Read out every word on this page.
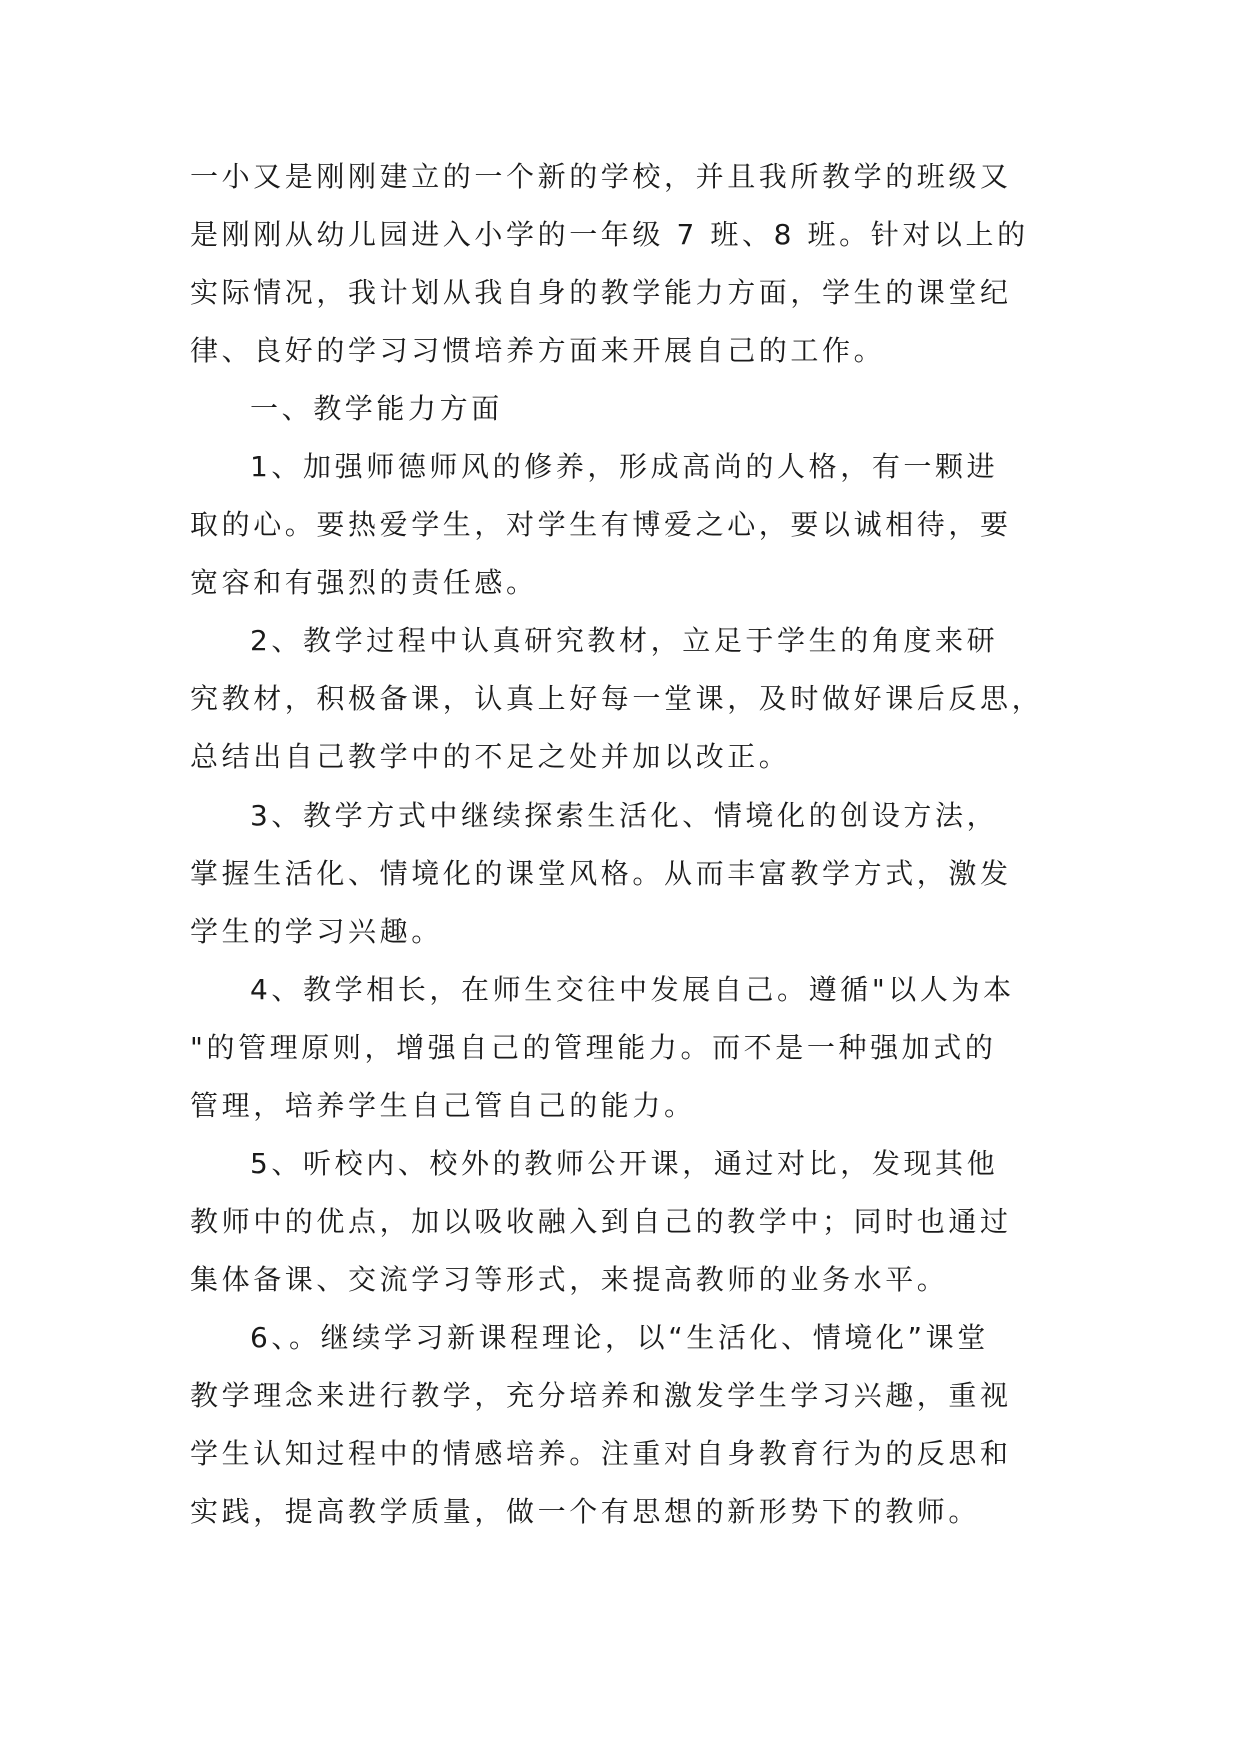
一小又是刚刚建立的一个新的学校，并且我所教学的班级又
是刚刚从幼儿园进入小学的一年级 7 班、8 班。针对以上的
实际情况，我计划从我自身的教学能力方面，学生的课堂纪
律、良好的学习习惯培养方面来开展自己的工作。
一、教学能力方面
1、加强师德师风的修养，形成高尚的人格，有一颗进
取的心。要热爱学生，对学生有博爱之心，要以诚相待，要
宽容和有强烈的责任感。
2、教学过程中认真研究教材，立足于学生的角度来研
究教材，积极备课，认真上好每一堂课，及时做好课后反思，
总结出自己教学中的不足之处并加以改正。
3、教学方式中继续探索生活化、情境化的创设方法，
掌握生活化、情境化的课堂风格。从而丰富教学方式，激发
学生的学习兴趣。
4、教学相长，在师生交往中发展自己。遵循"以人为本
"的管理原则，增强自己的管理能力。而不是一种强加式的
管理，培养学生自己管自己的能力。
5、听校内、校外的教师公开课，通过对比，发现其他
教师中的优点，加以吸收融入到自己的教学中；同时也通过
集体备课、交流学习等形式，来提高教师的业务水平。
6、。继续学习新课程理论，以“生活化、情境化”课堂
教学理念来进行教学，充分培养和激发学生学习兴趣，重视
学生认知过程中的情感培养。注重对自身教育行为的反思和
实践，提高教学质量，做一个有思想的新形势下的教师。
